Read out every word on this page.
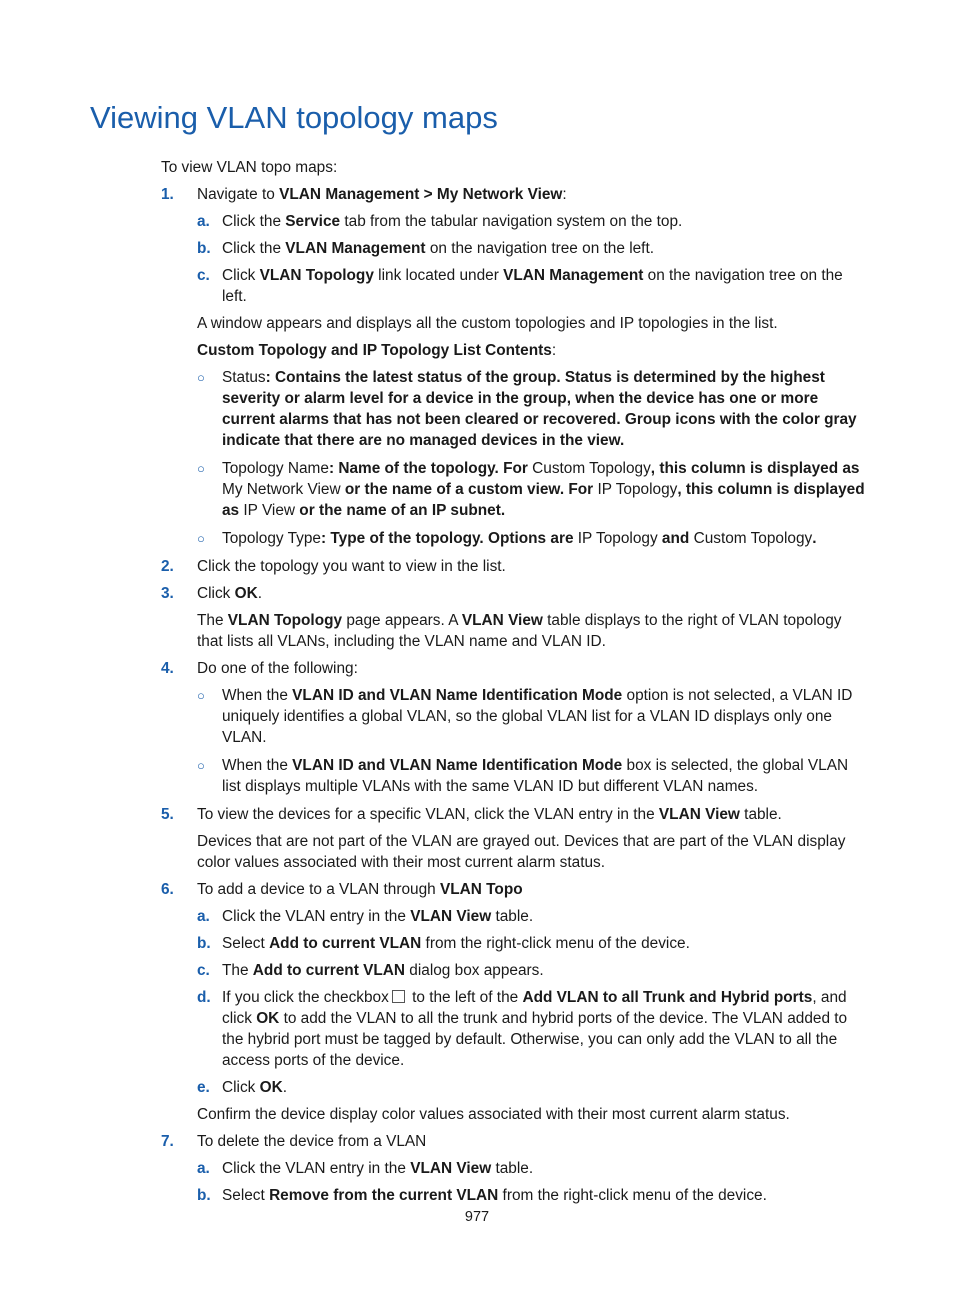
Viewing VLAN topology maps

To view VLAN topo maps:

1.	Navigate to VLAN Management > My Network View:

a. Click the Service tab from the tabular navigation system on the top.

b. Click the VLAN Management on the navigation tree on the left.

c. Click VLAN Topology link located under VLAN Management on the navigation tree on the left.

A window appears and displays all the custom topologies and IP topologies in the list.

Custom Topology and IP Topology List Contents:

○ Status: Contains the latest status of the group. Status is determined by the highest severity or alarm level for a device in the group, when the device has one or more current alarms that has not been cleared or recovered. Group icons with the color gray indicate that there are no managed devices in the view.

○ Topology Name: Name of the topology. For Custom Topology, this column is displayed as My Network View or the name of a custom view. For IP Topology, this column is displayed as IP View or the name of an IP subnet.

○ Topology Type: Type of the topology. Options are IP Topology and Custom Topology.

2.	Click the topology you want to view in the list.

3.	Click OK.

The VLAN Topology page appears. A VLAN View table displays to the right of VLAN topology that lists all VLANs, including the VLAN name and VLAN ID.

4.	Do one of the following:

○ When the VLAN ID and VLAN Name Identification Mode option is not selected, a VLAN ID uniquely identifies a global VLAN, so the global VLAN list for a VLAN ID displays only one VLAN.

○ When the VLAN ID and VLAN Name Identification Mode box is selected, the global VLAN list displays multiple VLANs with the same VLAN ID but different VLAN names.

5.	To view the devices for a specific VLAN, click the VLAN entry in the VLAN View table.

Devices that are not part of the VLAN are grayed out. Devices that are part of the VLAN display color values associated with their most current alarm status.

6.	To add a device to a VLAN through VLAN Topo

a. Click the VLAN entry in the VLAN View table.

b. Select Add to current VLAN from the right-click menu of the device.

c. The Add to current VLAN dialog box appears.

d. If you click the checkbox to the left of the Add VLAN to all Trunk and Hybrid ports, and click OK to add the VLAN to all the trunk and hybrid ports of the device. The VLAN added to the hybrid port must be tagged by default. Otherwise, you can only add the VLAN to all the access ports of the device.

e. Click OK.

Confirm the device display color values associated with their most current alarm status.

7.	To delete the device from a VLAN

a. Click the VLAN entry in the VLAN View table.

b. Select Remove from the current VLAN from the right-click menu of the device.

977
